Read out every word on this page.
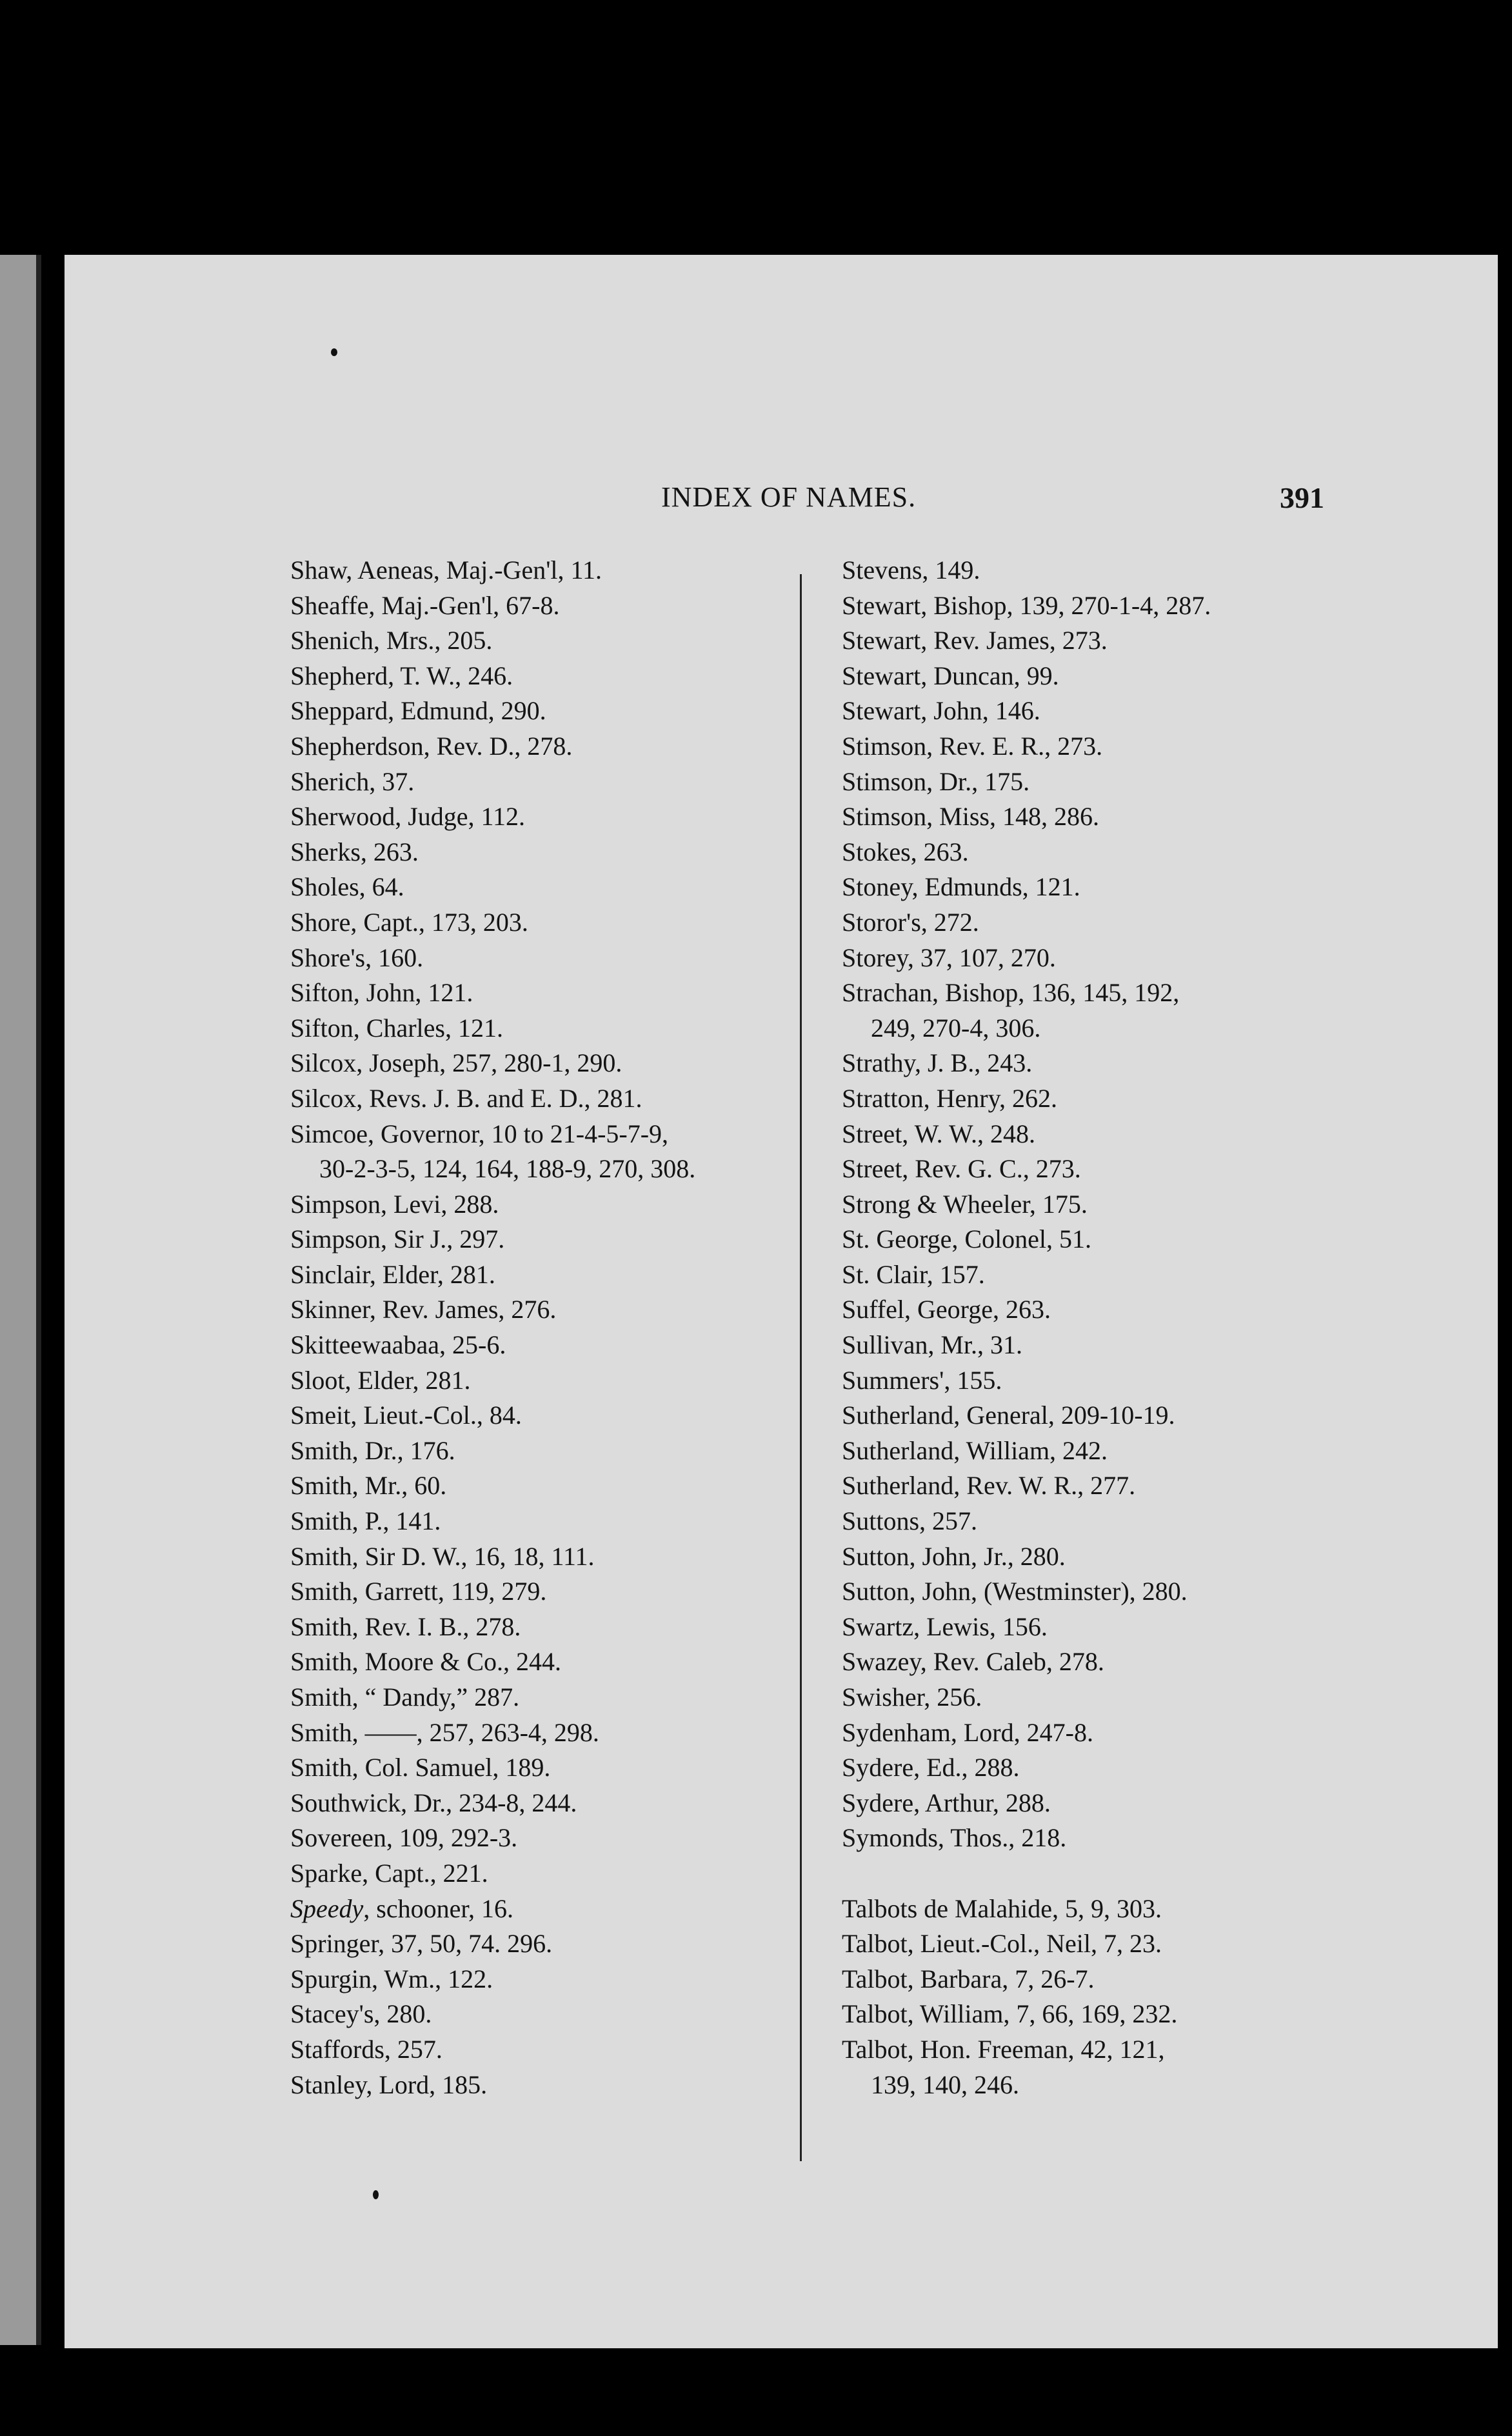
INDEX OF NAMES.	391
Shaw, Aeneas, Maj.-Gen'l, 11.
Sheaffe, Maj.-Gen'l, 67-8.
Shenich, Mrs., 205.
Shepherd, T. W., 246.
Sheppard, Edmund, 290.
Shepherdson, Rev. D., 278.
Sherich, 37.
Sherwood, Judge, 112.
Sherks, 263.
Sholes, 64.
Shore, Capt., 173, 203.
Shore's, 160.
Sifton, John, 121.
Sifton, Charles, 121.
Silcox, Joseph, 257, 280-1, 290.
Silcox, Revs. J. B. and E. D., 281.
Simcoe, Governor, 10 to 21-4-5-7-9,
30-2-3-5, 124, 164, 188-9, 270, 308.
Simpson, Levi, 288.
Simpson, Sir J., 297.
Sinclair, Elder, 281.
Skinner, Rev. James, 276.
Skitteewaabaa, 25-6.
Sloot, Elder, 281.
Smeit, Lieut.-Col., 84.
Smith, Dr., 176.
Smith, Mr., 60.
Smith, P., 141.
Smith, Sir D. W., 16, 18, 111.
Smith, Garrett, 119, 279.
Smith, Rev. I. B., 278.
Smith, Moore & Co., 244.
Smith, “ Dandy,” 287.
Smith, ——, 257, 263-4, 298.
Smith, Col. Samuel, 189.
Southwick, Dr., 234-8, 244.
Sovereen, 109, 292-3.
Sparke, Capt., 221.
Speedy, schooner, 16.
Springer, 37, 50, 74. 296.
Spurgin, Wm., 122.
Stacey's, 280.
Staffords, 257.
Stanley, Lord, 185.
Stevens, 149.
Stewart, Bishop, 139, 270-1-4, 287.
Stewart, Rev. James, 273.
Stewart, Duncan, 99.
Stewart, John, 146.
Stimson, Rev. E. R., 273.
Stimson, Dr., 175.
Stimson, Miss, 148, 286.
Stokes, 263.
Stoney, Edmunds, 121.
Storor's, 272.
Storey, 37, 107, 270.
Strachan, Bishop, 136, 145, 192,
249, 270-4, 306.
Strathy, J. B., 243.
Stratton, Henry, 262.
Street, W. W., 248.
Street, Rev. G. C., 273.
Strong & Wheeler, 175.
St. George, Colonel, 51.
St. Clair, 157.
Suffel, George, 263.
Sullivan, Mr., 31.
Summers', 155.
Sutherland, General, 209-10-19.
Sutherland, William, 242.
Sutherland, Rev. W. R., 277.
Suttons, 257.
Sutton, John, Jr., 280.
Sutton, John, (Westminster), 280.
Swartz, Lewis, 156.
Swazey, Rev. Caleb, 278.
Swisher, 256.
Sydenham, Lord, 247-8.
Sydere, Ed., 288.
Sydere, Arthur, 288.
Symonds, Thos., 218.
Talbots de Malahide, 5, 9, 303.
Talbot, Lieut.-Col., Neil, 7, 23.
Talbot, Barbara, 7, 26-7.
Talbot, William, 7, 66, 169, 232.
Talbot, Hon. Freeman, 42, 121,
139, 140, 246.
